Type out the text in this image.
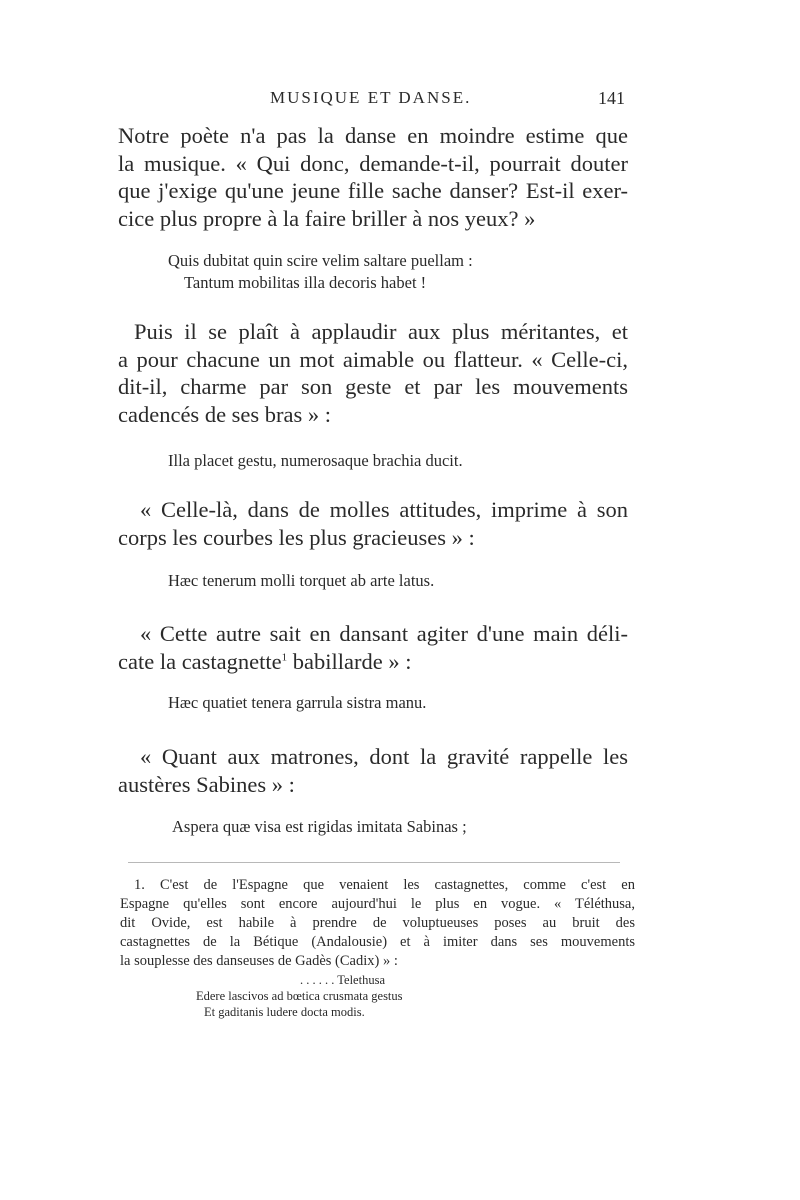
MUSIQUE ET DANSE.	141

Notre poète n'a pas la danse en moindre estime que
la musique. « Qui donc, demande-t-il, pourrait douter
que j'exige qu'une jeune fille sache danser? Est-il exer-
cice plus propre à la faire briller à nos yeux? »

Quis dubitat quin scire velim saltare puellam :
Tantum mobilitas illa decoris habet !

Puis il se plaît à applaudir aux plus méritantes, et
a pour chacune un mot aimable ou flatteur. « Celle-ci,
dit-il, charme par son geste et par les mouvements
cadencés de ses bras » :

Illa placet gestu, numerosaque brachia ducit.

« Celle-là, dans de molles attitudes, imprime à son
corps les courbes les plus gracieuses » :

Hæc tenerum molli torquet ab arte latus.

« Cette autre sait en dansant agiter d'une main déli-
cate la castagnette$^1$ babillarde » :

Hæc quatiet tenera garrula sistra manu.

« Quant aux matrones, dont la gravité rappelle les
austères Sabines » :

Aspera quæ visa est rigidas imitata Sabinas ;

1. C'est de l'Espagne que venaient les castagnettes, comme c'est en
Espagne qu'elles sont encore aujourd'hui le plus en vogue. « Téléthusa,
dit Ovide, est habile à prendre de voluptueuses poses au bruit des
castagnettes de la Bétique (Andalousie) et à imiter dans ses mouvements
la souplesse des danseuses de Gadès (Cadix) » :

. . . . . . Telethusa
Edere lascivos ad bœtica crusmata gestus
Et gaditanis ludere docta modis.
